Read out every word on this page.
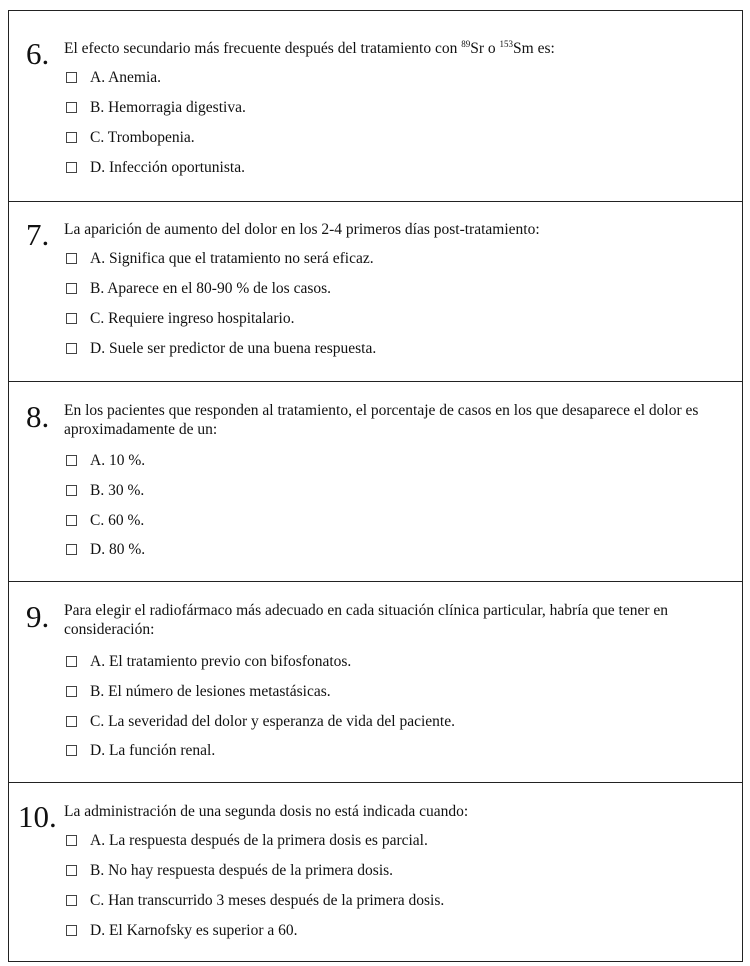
6. El efecto secundario más frecuente después del tratamiento con $^{89}$Sr o $^{153}$Sm es:
A. Anemia.
B. Hemorragia digestiva.
C. Trombopenia.
D. Infección oportunista.
7. La aparición de aumento del dolor en los 2-4 primeros días post-tratamiento:
A. Significa que el tratamiento no será eficaz.
B. Aparece en el 80-90 % de los casos.
C. Requiere ingreso hospitalario.
D. Suele ser predictor de una buena respuesta.
8. En los pacientes que responden al tratamiento, el porcentaje de casos en los que desaparece el dolor es aproximadamente de un:
A. 10 %.
B. 30 %.
C. 60 %.
D. 80 %.
9. Para elegir el radiofármaco más adecuado en cada situación clínica particular, habría que tener en consideración:
A. El tratamiento previo con bifosfonatos.
B. El número de lesiones metastásicas.
C. La severidad del dolor y esperanza de vida del paciente.
D. La función renal.
10. La administración de una segunda dosis no está indicada cuando:
A. La respuesta después de la primera dosis es parcial.
B. No hay respuesta después de la primera dosis.
C. Han transcurrido 3 meses después de la primera dosis.
D. El Karnofsky es superior a 60.
